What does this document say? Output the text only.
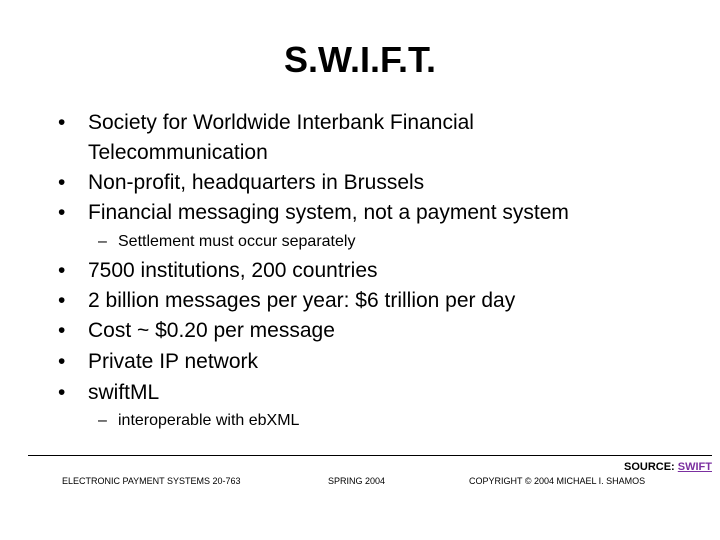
S.W.I.F.T.
• Society for Worldwide Interbank Financial
Telecommunication
• Non-profit, headquarters in Brussels
• Financial messaging system, not a payment system
– Settlement must occur separately
• 7500 institutions, 200 countries
• 2 billion messages per year: $6 trillion per day
• Cost ~ $0.20 per message
• Private IP network
• swiftML
– interoperable with ebXML
SOURCE: SWIFT
ELECTRONIC PAYMENT SYSTEMS 20-763	SPRING 2004	COPYRIGHT © 2004 MICHAEL I. SHAMOS
